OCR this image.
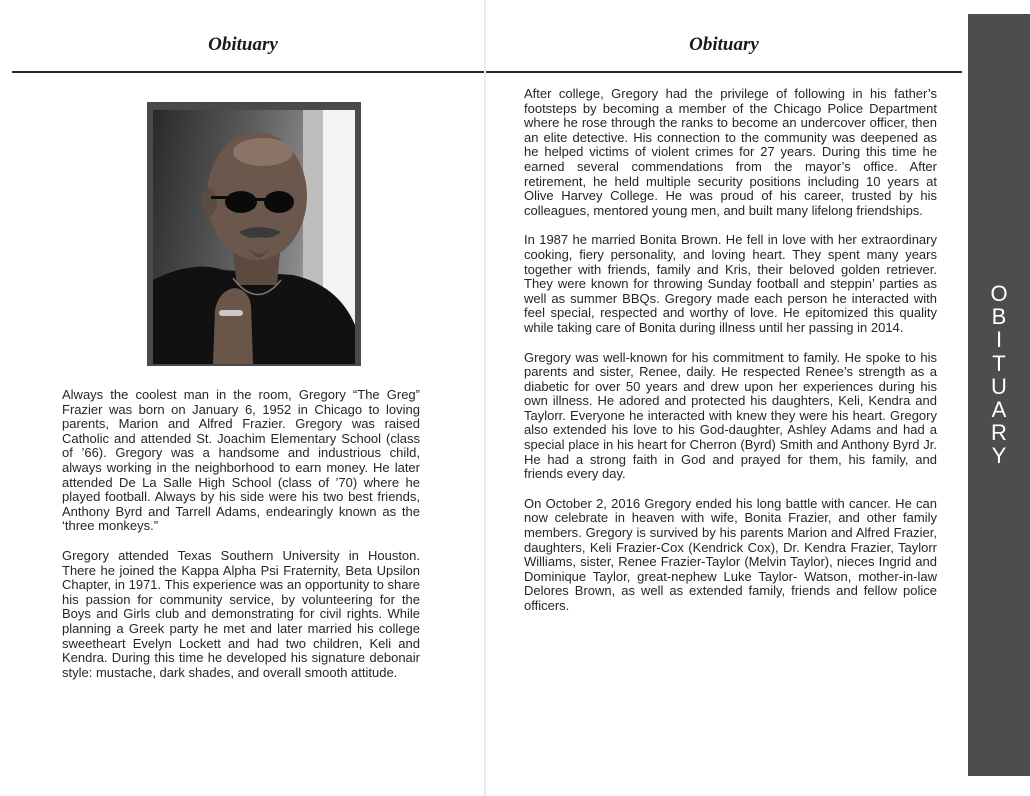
Obituary

Always the coolest man in the room, Gregory “The Greg” Frazier was born on January 6, 1952 in Chicago to loving parents, Marion and Alfred Frazier. Gregory was raised Catholic and attended St. Joachim Elementary School (class of ’66). Gregory was a handsome and industrious child, always working in the neighborhood to earn money. He later attended De La Salle High School (class of ’70) where he played football. Always by his side were his two best friends, Anthony Byrd and Tarrell Adams, endearingly known as the ‘three monkeys.”

Gregory attended Texas Southern University in Houston. There he joined the Kappa Alpha Psi Fraternity, Beta Upsilon Chapter, in 1971. This experience was an opportunity to share his passion for community service, by volunteering for the Boys and Girls club and demonstrating for civil rights. While planning a Greek party he met and later married his college sweetheart Evelyn Lockett and had two children, Keli and Kendra. During this time he developed his signature debonair style: mustache, dark shades, and overall smooth attitude.

Obituary

After college, Gregory had the privilege of following in his father’s footsteps by becoming a member of the Chicago Police Department where he rose through the ranks to become an undercover officer, then an elite detective. His connection to the community was deepened as he helped victims of violent crimes for 27 years. During this time he earned several commendations from the mayor’s office. After retirement, he held multiple security positions including 10 years at Olive Harvey College. He was proud of his career, trusted by his colleagues, mentored young men, and built many lifelong friendships.

In 1987 he married Bonita Brown. He fell in love with her extraordinary cooking, fiery personality, and loving heart. They spent many years together with friends, family and Kris, their beloved golden retriever. They were known for throwing Sunday football and steppin’ parties as well as summer BBQs. Gregory made each person he interacted with feel special, respected and worthy of love. He epitomized this quality while taking care of Bonita during illness until her passing in 2014.

Gregory was well-known for his commitment to family. He spoke to his parents and sister, Renee, daily. He respected Renee’s strength as a diabetic for over 50 years and drew upon her experiences during his own illness. He adored and protected his daughters, Keli, Kendra and Taylorr. Everyone he interacted with knew they were his heart. Gregory also extended his love to his God-daughter, Ashley Adams and had a special place in his heart for Cherron (Byrd) Smith and Anthony Byrd Jr. He had a strong faith in God and prayed for them, his family, and friends every day.

On October 2, 2016 Gregory ended his long battle with cancer. He can now celebrate in heaven with wife, Bonita Frazier, and other family members. Gregory is survived by his parents Marion and Alfred Frazier, daughters, Keli Frazier-Cox (Kendrick Cox), Dr. Kendra Frazier, Taylorr Williams, sister, Renee Frazier-Taylor (Melvin Taylor), nieces Ingrid and Dominique Taylor, great-nephew Luke Taylor- Watson, mother-in-law Delores Brown, as well as extended family, friends and fellow police officers.

O
B
I
T
U
A
R
Y
